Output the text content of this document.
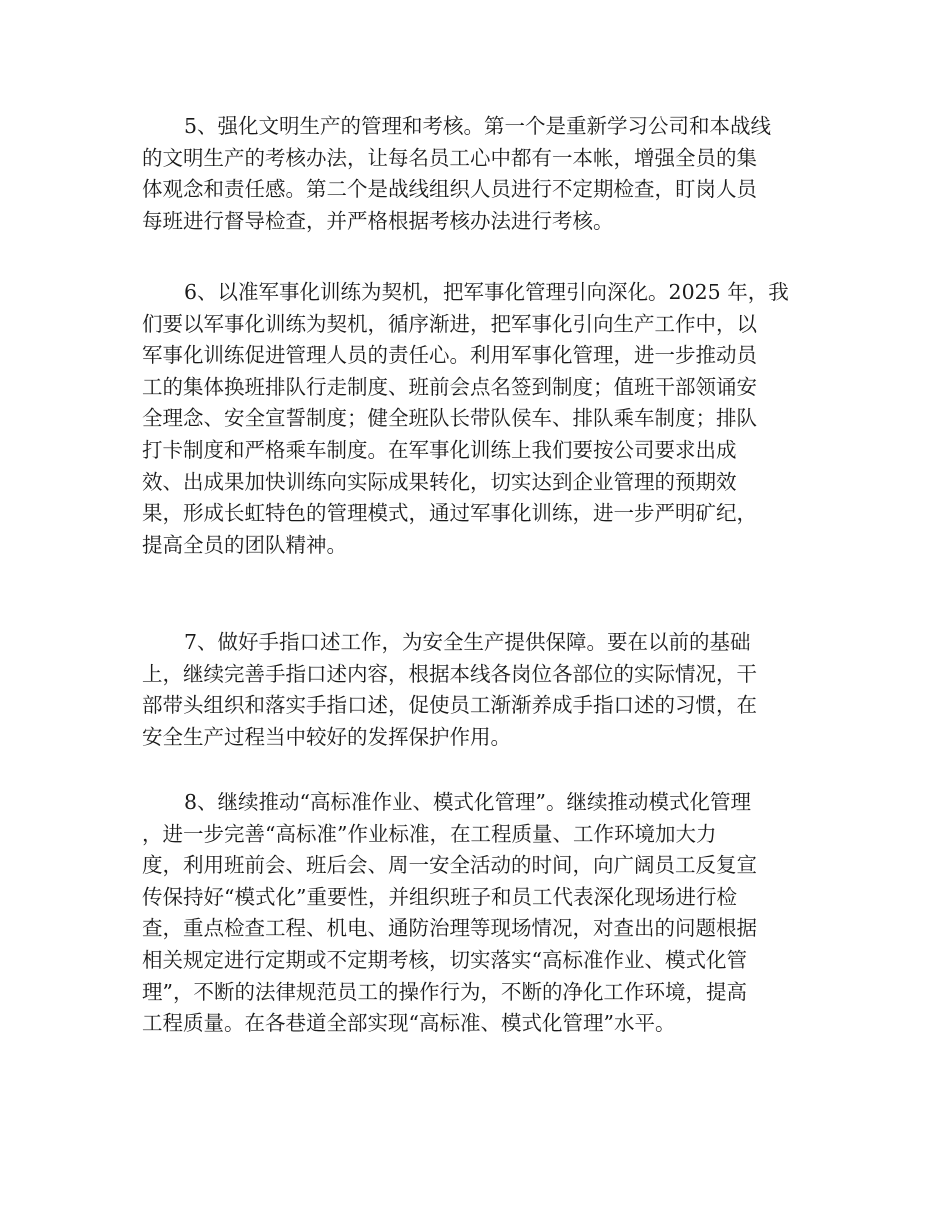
5、强化文明生产的管理和考核。第一个是重新学习公司和本战线
的文明生产的考核办法，让每名员工心中都有一本帐，增强全员的集
体观念和责任感。第二个是战线组织人员进行不定期检查，盯岗人员
每班进行督导检查，并严格根据考核办法进行考核。

6、以准军事化训练为契机，把军事化管理引向深化。2025 年，我
们要以军事化训练为契机，循序渐进，把军事化引向生产工作中，以
军事化训练促进管理人员的责任心。利用军事化管理，进一步推动员
工的集体换班排队行走制度、班前会点名签到制度；值班干部领诵安
全理念、安全宣誓制度；健全班队长带队侯车、排队乘车制度；排队
打卡制度和严格乘车制度。在军事化训练上我们要按公司要求出成
效、出成果加快训练向实际成果转化，切实达到企业管理的预期效
果，形成长虹特色的管理模式，通过军事化训练，进一步严明矿纪，
提高全员的团队精神。

7、做好手指口述工作，为安全生产提供保障。要在以前的基础
上，继续完善手指口述内容，根据本线各岗位各部位的实际情况，干
部带头组织和落实手指口述，促使员工渐渐养成手指口述的习惯，在
安全生产过程当中较好的发挥保护作用。

8、继续推动“高标准作业、模式化管理”。继续推动模式化管理
，进一步完善“高标准”作业标准，在工程质量、工作环境加大力
度，利用班前会、班后会、周一安全活动的时间，向广阔员工反复宣
传保持好“模式化”重要性，并组织班子和员工代表深化现场进行检
查，重点检查工程、机电、通防治理等现场情况，对查出的问题根据
相关规定进行定期或不定期考核，切实落实“高标准作业、模式化管
理”，不断的法律规范员工的操作行为，不断的净化工作环境，提高
工程质量。在各巷道全部实现“高标准、模式化管理”水平。
